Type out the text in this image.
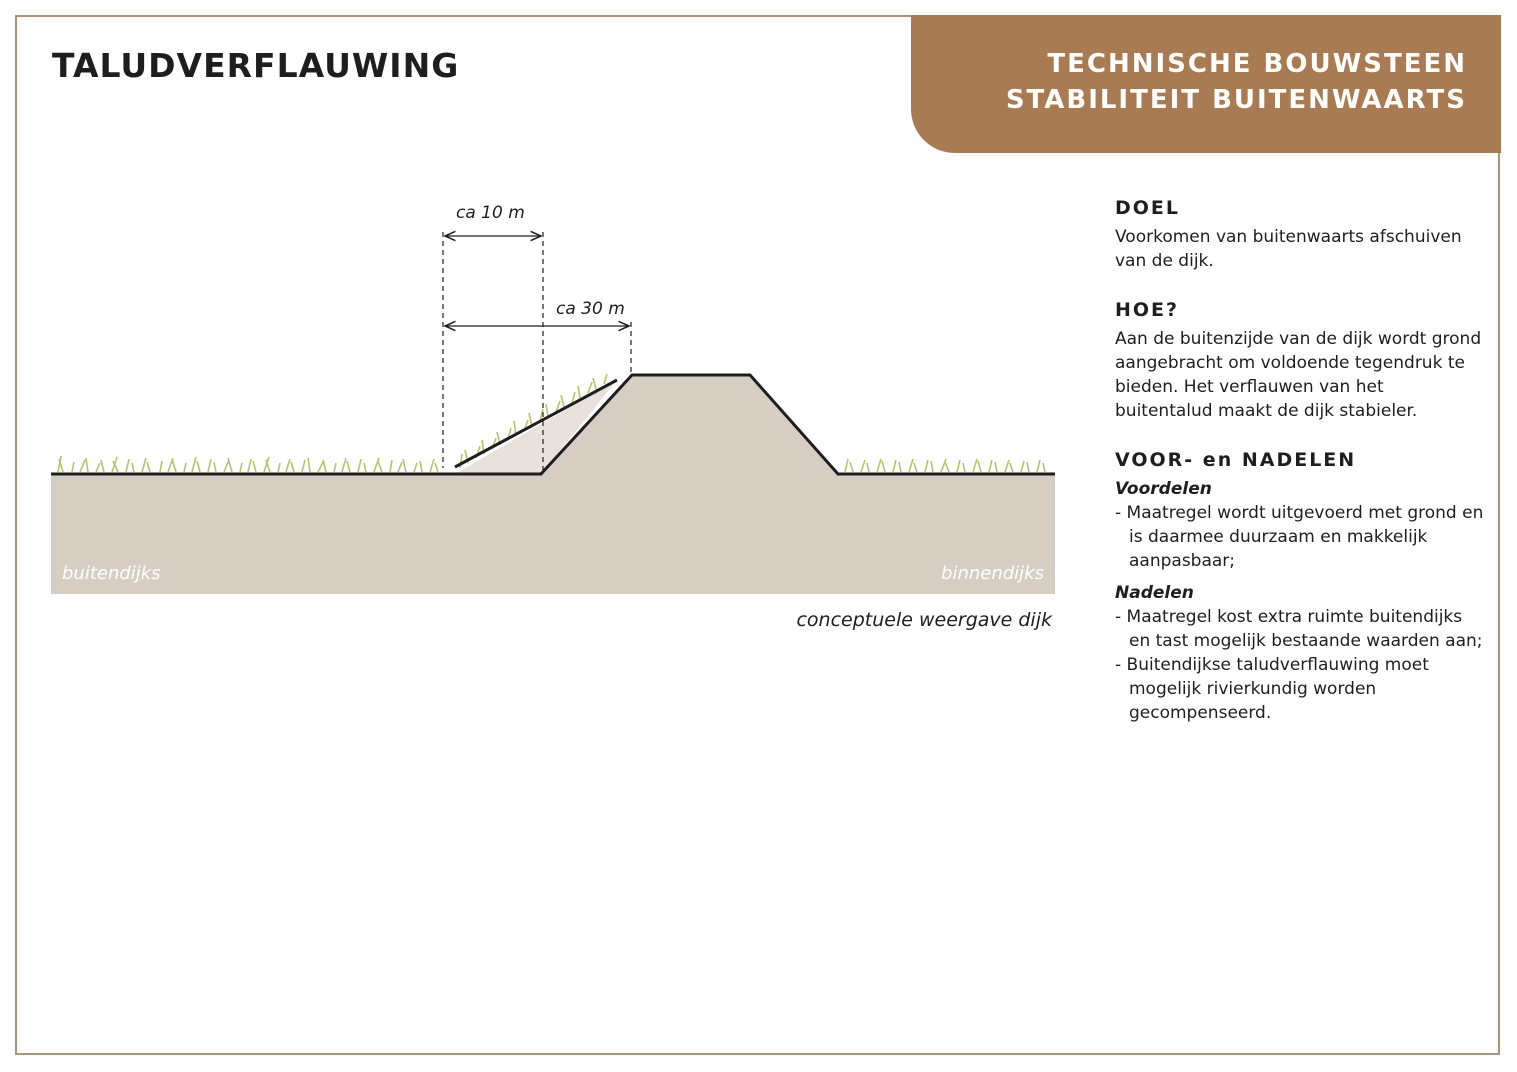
TALUDVERFLAUWING	TECHNISCHE BOUWSTEEN
STABILITEIT BUITENWAARTS
ca 10 m
ca 30 m
buitendijks	binnendijks
conceptuele weergave dijk
DOEL

Voorkomen van buitenwaarts afschuiven van de dijk.

HOE?

Aan de buitenzijde van de dijk wordt grond aangebracht om voldoende tegendruk te bieden. Het verflauwen van het buitentalud maakt de dijk stabieler.

VOOR- en NADELEN
Voordelen
- Maatregel wordt uitgevoerd met grond en is daarmee duurzaam en makkelijk aanpasbaar;
Nadelen
- Maatregel kost extra ruimte buitendijks en tast mogelijk bestaande waarden aan;
- Buitendijkse taludverflauwing moet mogelijk rivierkundig worden gecompenseerd.
